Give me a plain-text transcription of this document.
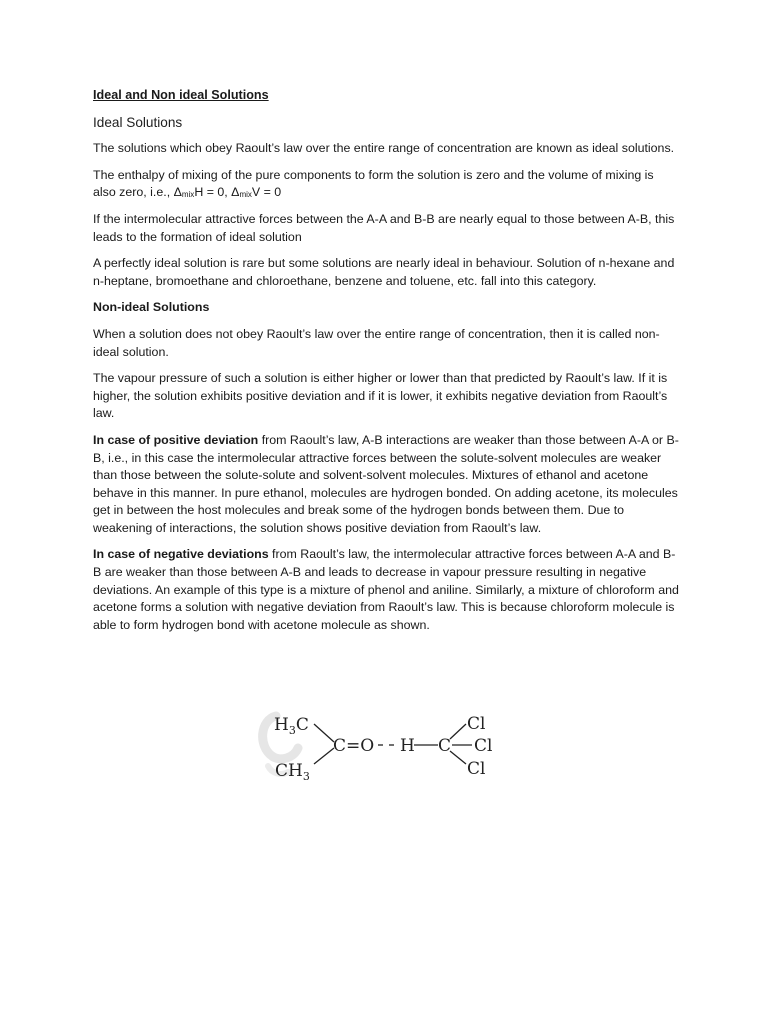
Ideal and Non ideal Solutions
Ideal Solutions

The solutions which obey Raoult’s law over the entire range of concentration are known as ideal solutions.

The enthalpy of mixing of the pure components to form the solution is zero and the volume of mixing is also zero, i.e., $\Delta_{mix}H = 0$, $\Delta_{mix}V = 0$

If the intermolecular attractive forces between the A-A and B-B are nearly equal to those between A-B, this leads to the formation of ideal solution

A perfectly ideal solution is rare but some solutions are nearly ideal in behaviour. Solution of n-hexane and n-heptane, bromoethane and chloroethane, benzene and toluene, etc. fall into this category.

Non-ideal Solutions

When a solution does not obey Raoult’s law over the entire range of concentration, then it is called non-ideal solution.

The vapour pressure of such a solution is either higher or lower than that predicted by Raoult’s law. If it is higher, the solution exhibits positive deviation and if it is lower, it exhibits negative deviation from Raoult’s law.

In case of positive deviation from Raoult’s law, A-B interactions are weaker than those between A-A or B-B, i.e., in this case the intermolecular attractive forces between the solute-solvent molecules are weaker than those between the solute-solute and solvent-solvent molecules. Mixtures of ethanol and acetone behave in this manner. In pure ethanol, molecules are hydrogen bonded. On adding acetone, its molecules get in between the host molecules and break some of the hydrogen bonds between them. Due to weakening of interactions, the solution shows positive deviation from Raoult’s law.

In case of negative deviations from Raoult’s law, the intermolecular attractive forces between A-A and B-B are weaker than those between A-B and leads to decrease in vapour pressure resulting in negative deviations. An example of this type is a mixture of phenol and aniline. Similarly, a mixture of chloroform and acetone forms a solution with negative deviation from Raoult’s law. This is because chloroform molecule is able to form hydrogen bond with acetone molecule as shown.

$H_3C$
$CH_3$
C=O H C
Cl
Cl
Cl
